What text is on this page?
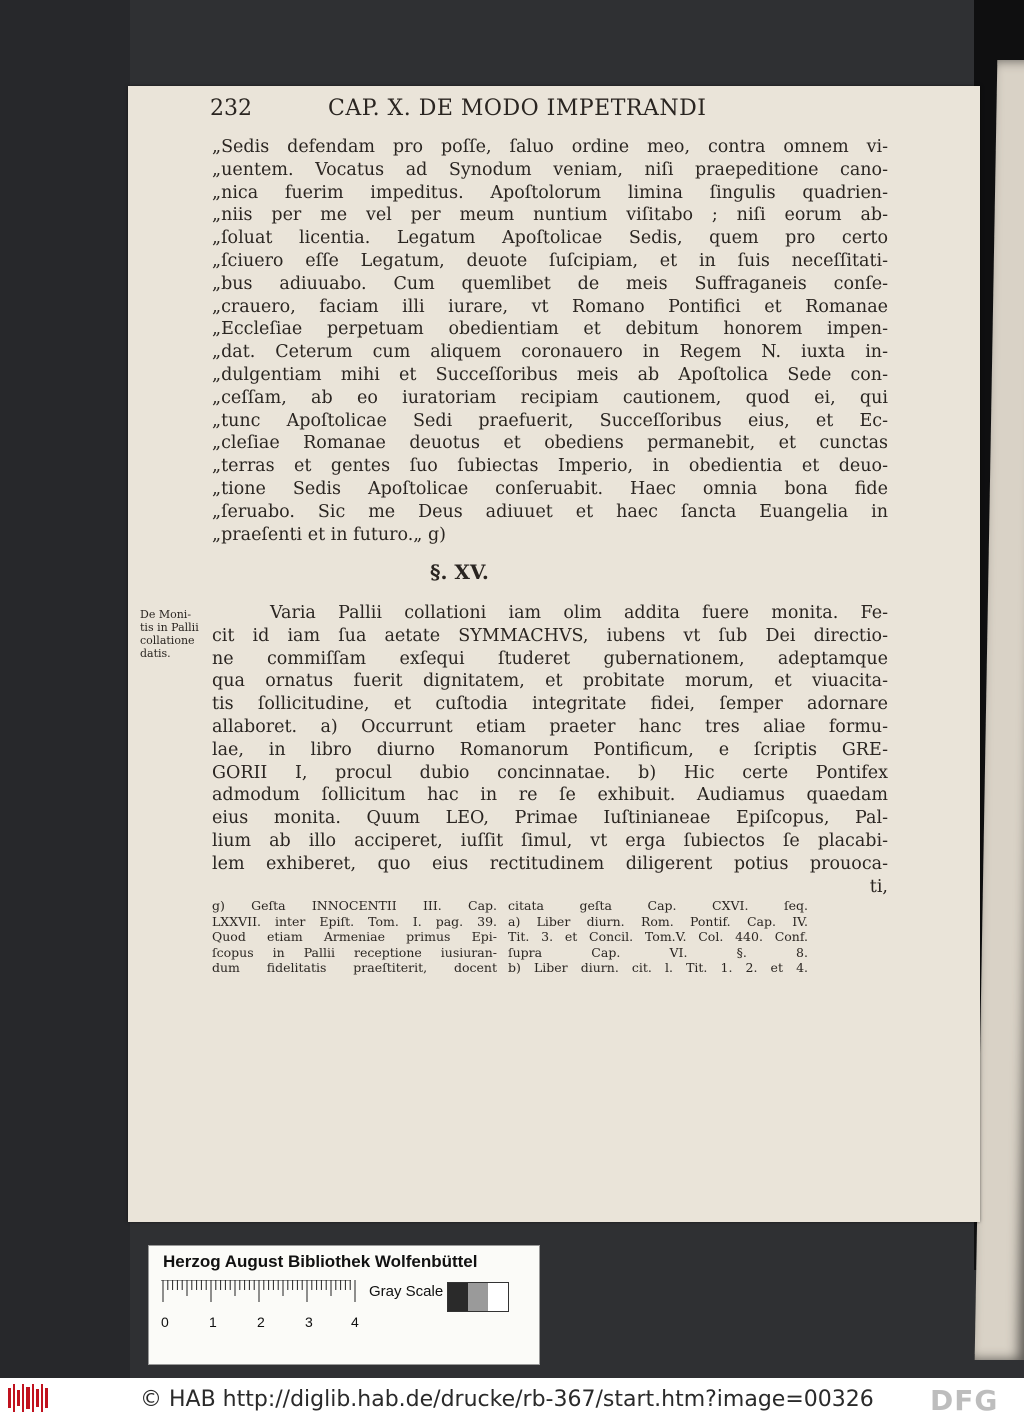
232	CAP. X. DE MODO IMPETRANDI
„Sedis defendam pro poſſe, ſaluo ordine meo, contra omnem vi-
„uentem. Vocatus ad Synodum veniam, niſi praepeditione cano-
„nica fuerim impeditus. Apoſtolorum limina ſingulis quadrien-
„niis per me vel per meum nuntium viſitabo ; niſi eorum ab-
„ſoluat licentia. Legatum Apoſtolicae Sedis, quem pro certo
„ſciuero eſſe Legatum, deuote ſuſcipiam, et in ſuis neceſſitati-
„bus adiuuabo. Cum quemlibet de meis Suffraganeis conſe-
„crauero, faciam illi iurare, vt Romano Pontifici et Romanae
„Eccleſiae perpetuam obedientiam et debitum honorem impen-
„dat. Ceterum cum aliquem coronauero in Regem N. iuxta in-
„dulgentiam mihi et Succeſſoribus meis ab Apoſtolica Sede con-
„ceſſam, ab eo iuratoriam recipiam cautionem, quod ei, qui
„tunc Apoſtolicae Sedi praefuerit, Succeſſoribus eius, et Ec-
„cleſiae Romanae deuotus et obediens permanebit, et cunctas
„terras et gentes ſuo ſubiectas Imperio, in obedientia et deuo-
„tione Sedis Apoſtolicae conſeruabit. Haec omnia bona fide
„ſeruabo. Sic me Deus adiuuet et haec ſancta Euangelia in
„praeſenti et in futuro.„ g)
§. XV.
De Moni-
tis in Pallii
collatione
datis.
Varia Pallii collationi iam olim addita fuere monita. Fe-
cit id iam ſua aetate SYMMACHVS, iubens vt ſub Dei directio-
ne commiſſam exſequi ſtuderet gubernationem, adeptamque
qua ornatus fuerit dignitatem, et probitate morum, et viuacita-
tis ſollicitudine, et cuſtodia integritate fidei, ſemper adornare
allaboret. a) Occurrunt etiam praeter hanc tres aliae formu-
lae, in libro diurno Romanorum Pontificum, e ſcriptis GRE-
GORII I, procul dubio concinnatae. b) Hic certe Pontifex
admodum ſollicitum hac in re ſe exhibuit. Audiamus quaedam
eius monita. Quum LEO, Primae Iuſtinianeae Epiſcopus, Pal-
lium ab illo acciperet, iuſſit ſimul, vt erga ſubiectos ſe placabi-
lem exhiberet, quo eius rectitudinem diligerent potius prouoca-
ti,
g) Geſta INNOCENTII III. Cap.
LXXVII. inter Epiſt. Tom. I. pag. 39.
Quod etiam Armeniae primus Epi-
ſcopus in Pallii receptione iusiuran-
dum fidelitatis praeſtiterit, docent
citata geſta Cap. CXVI. ſeq.
a) Liber diurn. Rom. Pontif. Cap. IV.
Tit. 3. et Concil. Tom.V. Col. 440. Conf.
ſupra Cap. VI. §. 8.
b) Liber diurn. cit. l. Tit. 1. 2. et 4.
Herzog August Bibliothek Wolfenbüttel
0	1	2	3	4
Gray Scale
© HAB http://diglib.hab.de/drucke/rb-367/start.htm?image=00326 DFG
